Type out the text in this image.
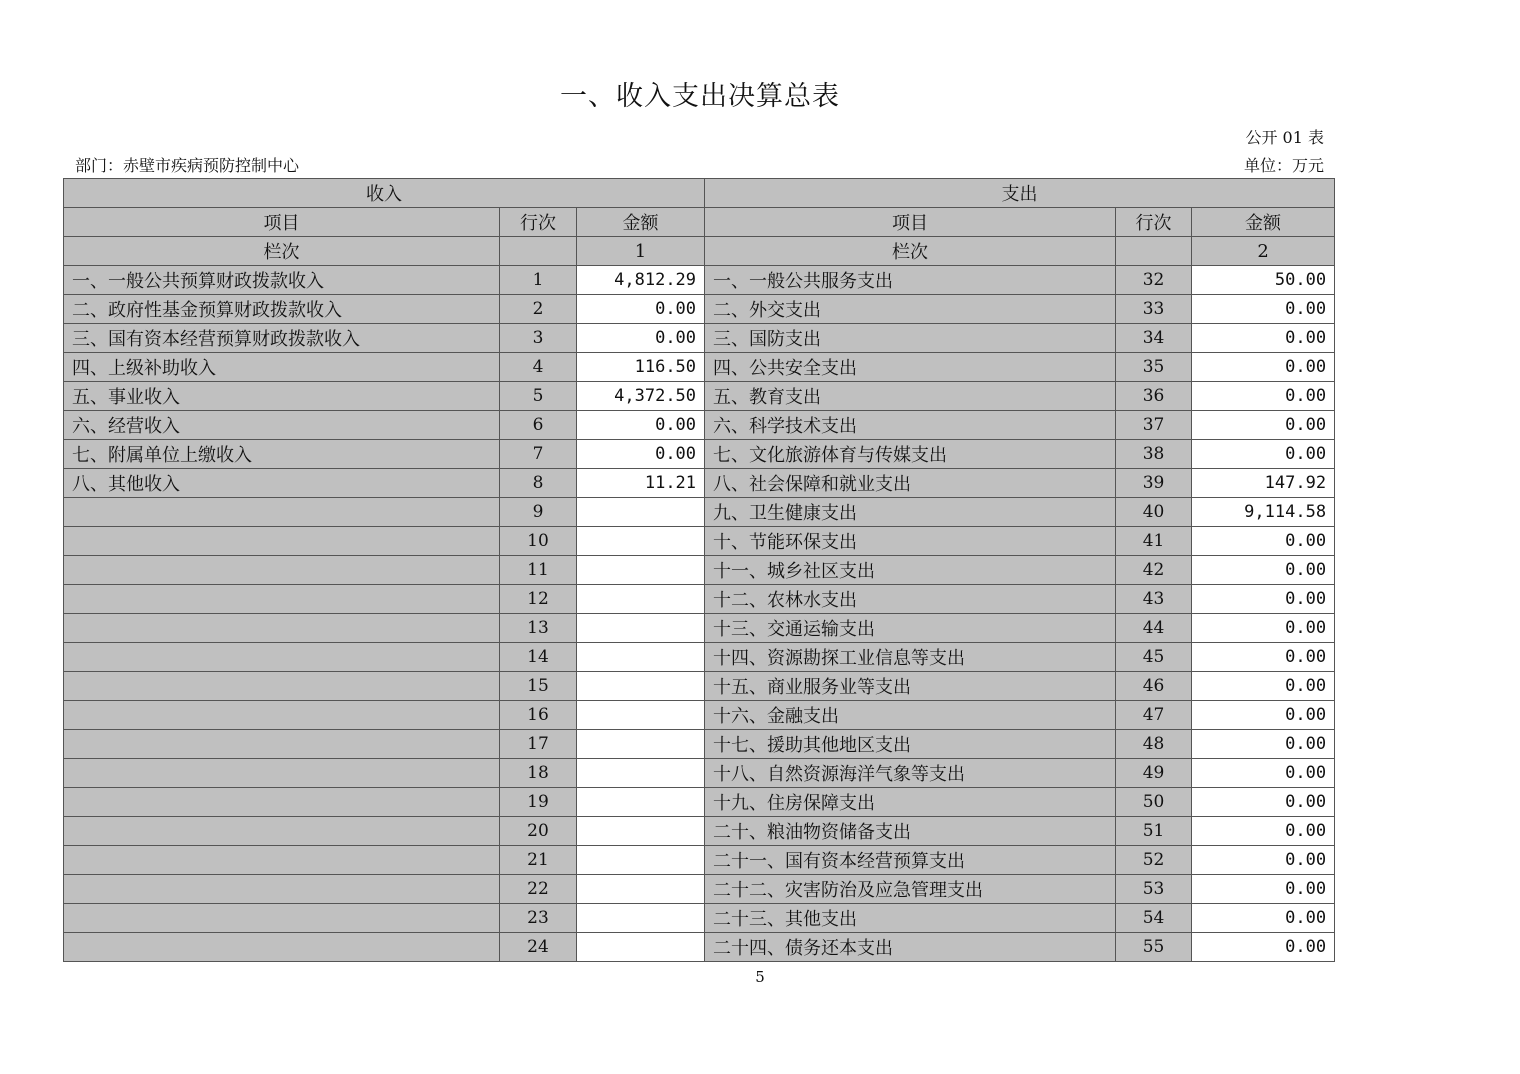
一、收入支出决算总表
公开 01 表
部门：赤壁市疾病预防控制中心	单位：万元
收入			支出		
项目	行次	金额	项目	行次	金额
栏次		1	栏次		2
一、一般公共预算财政拨款收入	1	4,812.29	一、一般公共服务支出	32	50.00
二、政府性基金预算财政拨款收入	2	0.00	二、外交支出	33	0.00
三、国有资本经营预算财政拨款收入	3	0.00	三、国防支出	34	0.00
四、上级补助收入	4	116.50	四、公共安全支出	35	0.00
五、事业收入	5	4,372.50	五、教育支出	36	0.00
六、经营收入	6	0.00	六、科学技术支出	37	0.00
七、附属单位上缴收入	7	0.00	七、文化旅游体育与传媒支出	38	0.00
八、其他收入	8	11.21	八、社会保障和就业支出	39	147.92
	9		九、卫生健康支出	40	9,114.58
	10		十、节能环保支出	41	0.00
	11		十一、城乡社区支出	42	0.00
	12		十二、农林水支出	43	0.00
	13		十三、交通运输支出	44	0.00
	14		十四、资源勘探工业信息等支出	45	0.00
	15		十五、商业服务业等支出	46	0.00
	16		十六、金融支出	47	0.00
	17		十七、援助其他地区支出	48	0.00
	18		十八、自然资源海洋气象等支出	49	0.00
	19		十九、住房保障支出	50	0.00
	20		二十、粮油物资储备支出	51	0.00
	21		二十一、国有资本经营预算支出	52	0.00
	22		二十二、灾害防治及应急管理支出	53	0.00
	23		二十三、其他支出	54	0.00
	24		二十四、债务还本支出	55	0.00
5
